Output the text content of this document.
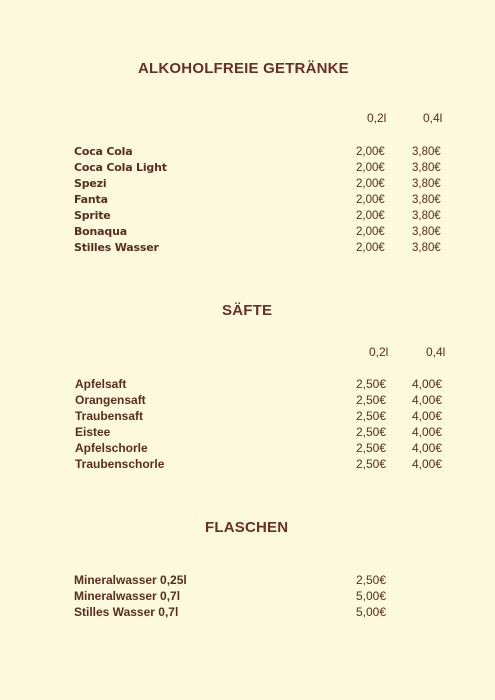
ALKOHOLFREIE GETRÄNKE
0,2l	0,4l
Coca Cola	2,00€ 3,80€
Coca Cola Light	2,00€ 3,80€
Spezi	2,00€ 3,80€
Fanta	2,00€ 3,80€
Sprite	2,00€ 3,80€
Bonaqua	2,00€ 3,80€
Stilles Wasser	2,00€ 3,80€
SÄFTE
0,2l	0,4l
Apfelsaft	2,50€ 4,00€
Orangensaft	2,50€ 4,00€
Traubensaft	2,50€ 4,00€
Eistee	2,50€ 4,00€
Apfelschorle	2,50€ 4,00€
Traubenschorle	2,50€ 4,00€
FLASCHEN
Mineralwasser 0,25l	2,50€
Mineralwasser 0,7l	5,00€
Stilles Wasser 0,7l	5,00€
